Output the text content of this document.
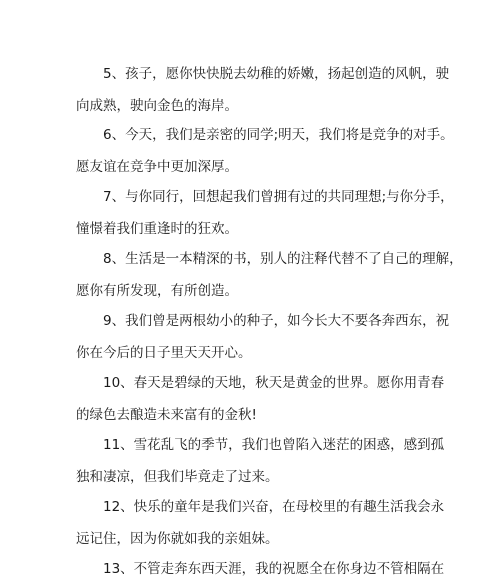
5、孩子，愿你快快脱去幼稚的娇嫩，扬起创造的风帆，驶
向成熟，驶向金色的海岸。
6、今天，我们是亲密的同学;明天，我们将是竞争的对手。
愿友谊在竞争中更加深厚。
7、与你同行，回想起我们曾拥有过的共同理想;与你分手，
憧憬着我们重逢时的狂欢。
8、生活是一本精深的书，别人的注释代替不了自己的理解，
愿你有所发现，有所创造。
9、我们曾是两根幼小的种子，如今长大不要各奔西东，祝
你在今后的日子里天天开心。
10、春天是碧绿的天地，秋天是黄金的世界。愿你用青春
的绿色去酿造未来富有的金秋!
11、雪花乱飞的季节，我们也曾陷入迷茫的困惑，感到孤
独和凄凉，但我们毕竟走了过来。
12、快乐的童年是我们兴奋，在母校里的有趣生活我会永
远记住，因为你就如我的亲姐妹。
13、不管走奔东西天涯，我的祝愿全在你身边不管相隔在
